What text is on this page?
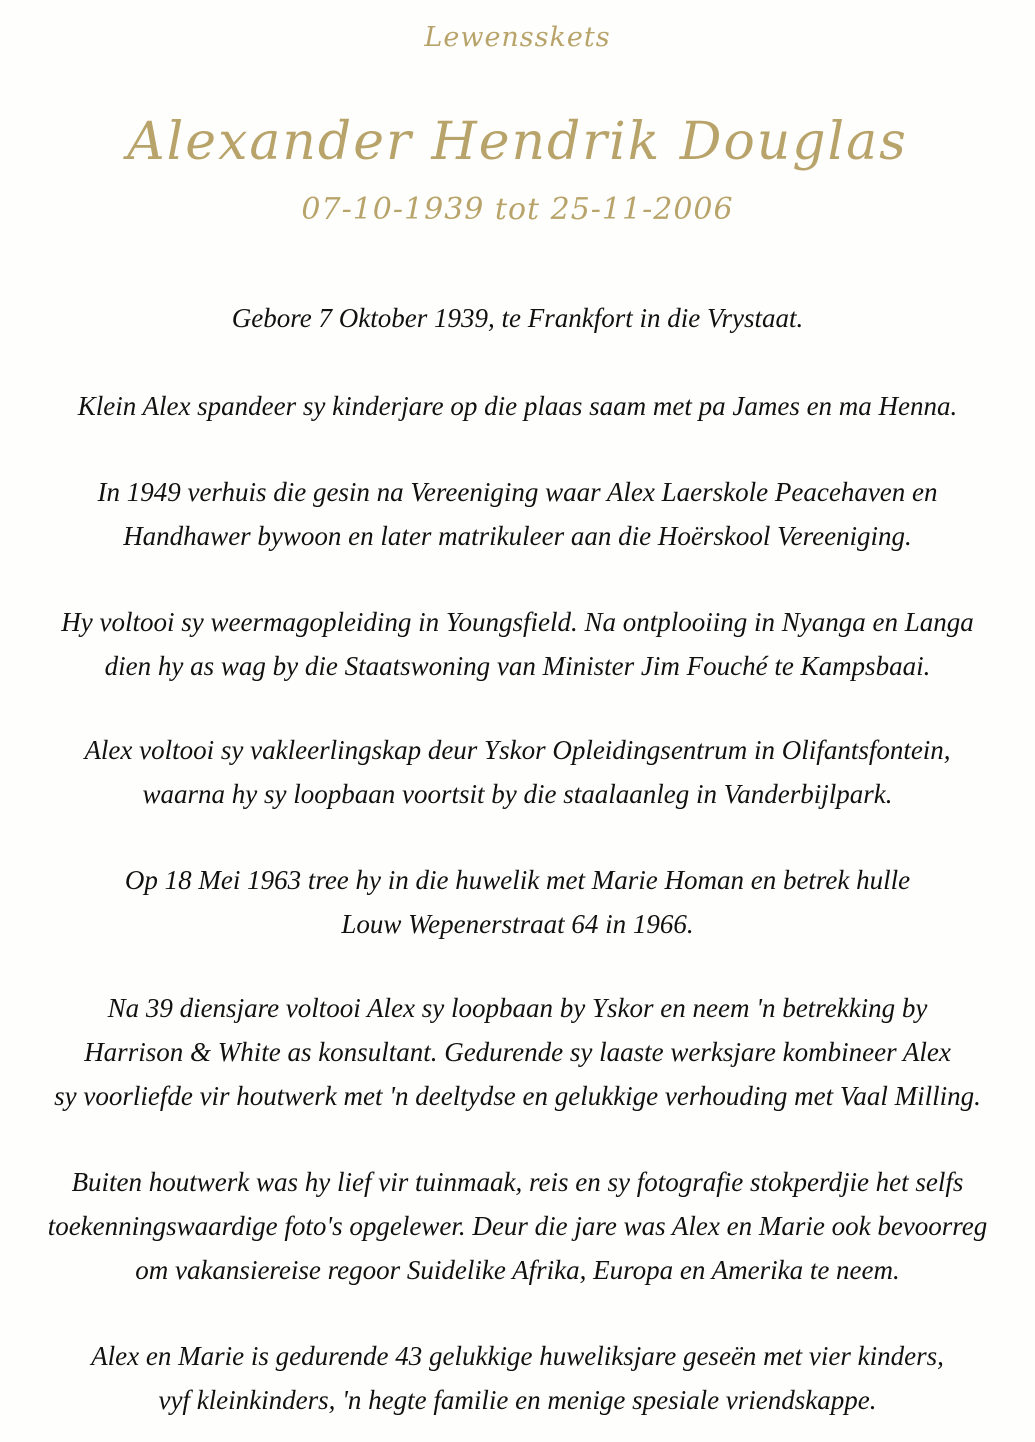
Lewensskets
Alexander Hendrik Douglas
07-10-1939 tot 25-11-2006
Gebore 7 Oktober 1939, te Frankfort in die Vrystaat.
Klein Alex spandeer sy kinderjare op die plaas saam met pa James en ma Henna.
In 1949 verhuis die gesin na Vereeniging waar Alex Laerskole Peacehaven en
Handhawer bywoon en later matrikuleer aan die Hoërskool Vereeniging.
Hy voltooi sy weermagopleiding in Youngsfield. Na ontplooiing in Nyanga en Langa
dien hy as wag by die Staatswoning van Minister Jim Fouché te Kampsbaai.
Alex voltooi sy vakleerlingskap deur Yskor Opleidingsentrum in Olifantsfontein,
waarna hy sy loopbaan voortsit by die staalaanleg in Vanderbijlpark.
Op 18 Mei 1963 tree hy in die huwelik met Marie Homan en betrek hulle
Louw Wepenerstraat 64 in 1966.
Na 39 diensjare voltooi Alex sy loopbaan by Yskor en neem 'n betrekking by
Harrison & White as konsultant. Gedurende sy laaste werksjare kombineer Alex
sy voorliefde vir houtwerk met 'n deeltydse en gelukkige verhouding met Vaal Milling.
Buiten houtwerk was hy lief vir tuinmaak, reis en sy fotografie stokperdjie het selfs
toekenningswaardige foto's opgelewer. Deur die jare was Alex en Marie ook bevoorreg
om vakansiereise regoor Suidelike Afrika, Europa en Amerika te neem.
Alex en Marie is gedurende 43 gelukkige huweliksjare geseën met vier kinders,
vyf kleinkinders, 'n hegte familie en menige spesiale vriendskappe.
